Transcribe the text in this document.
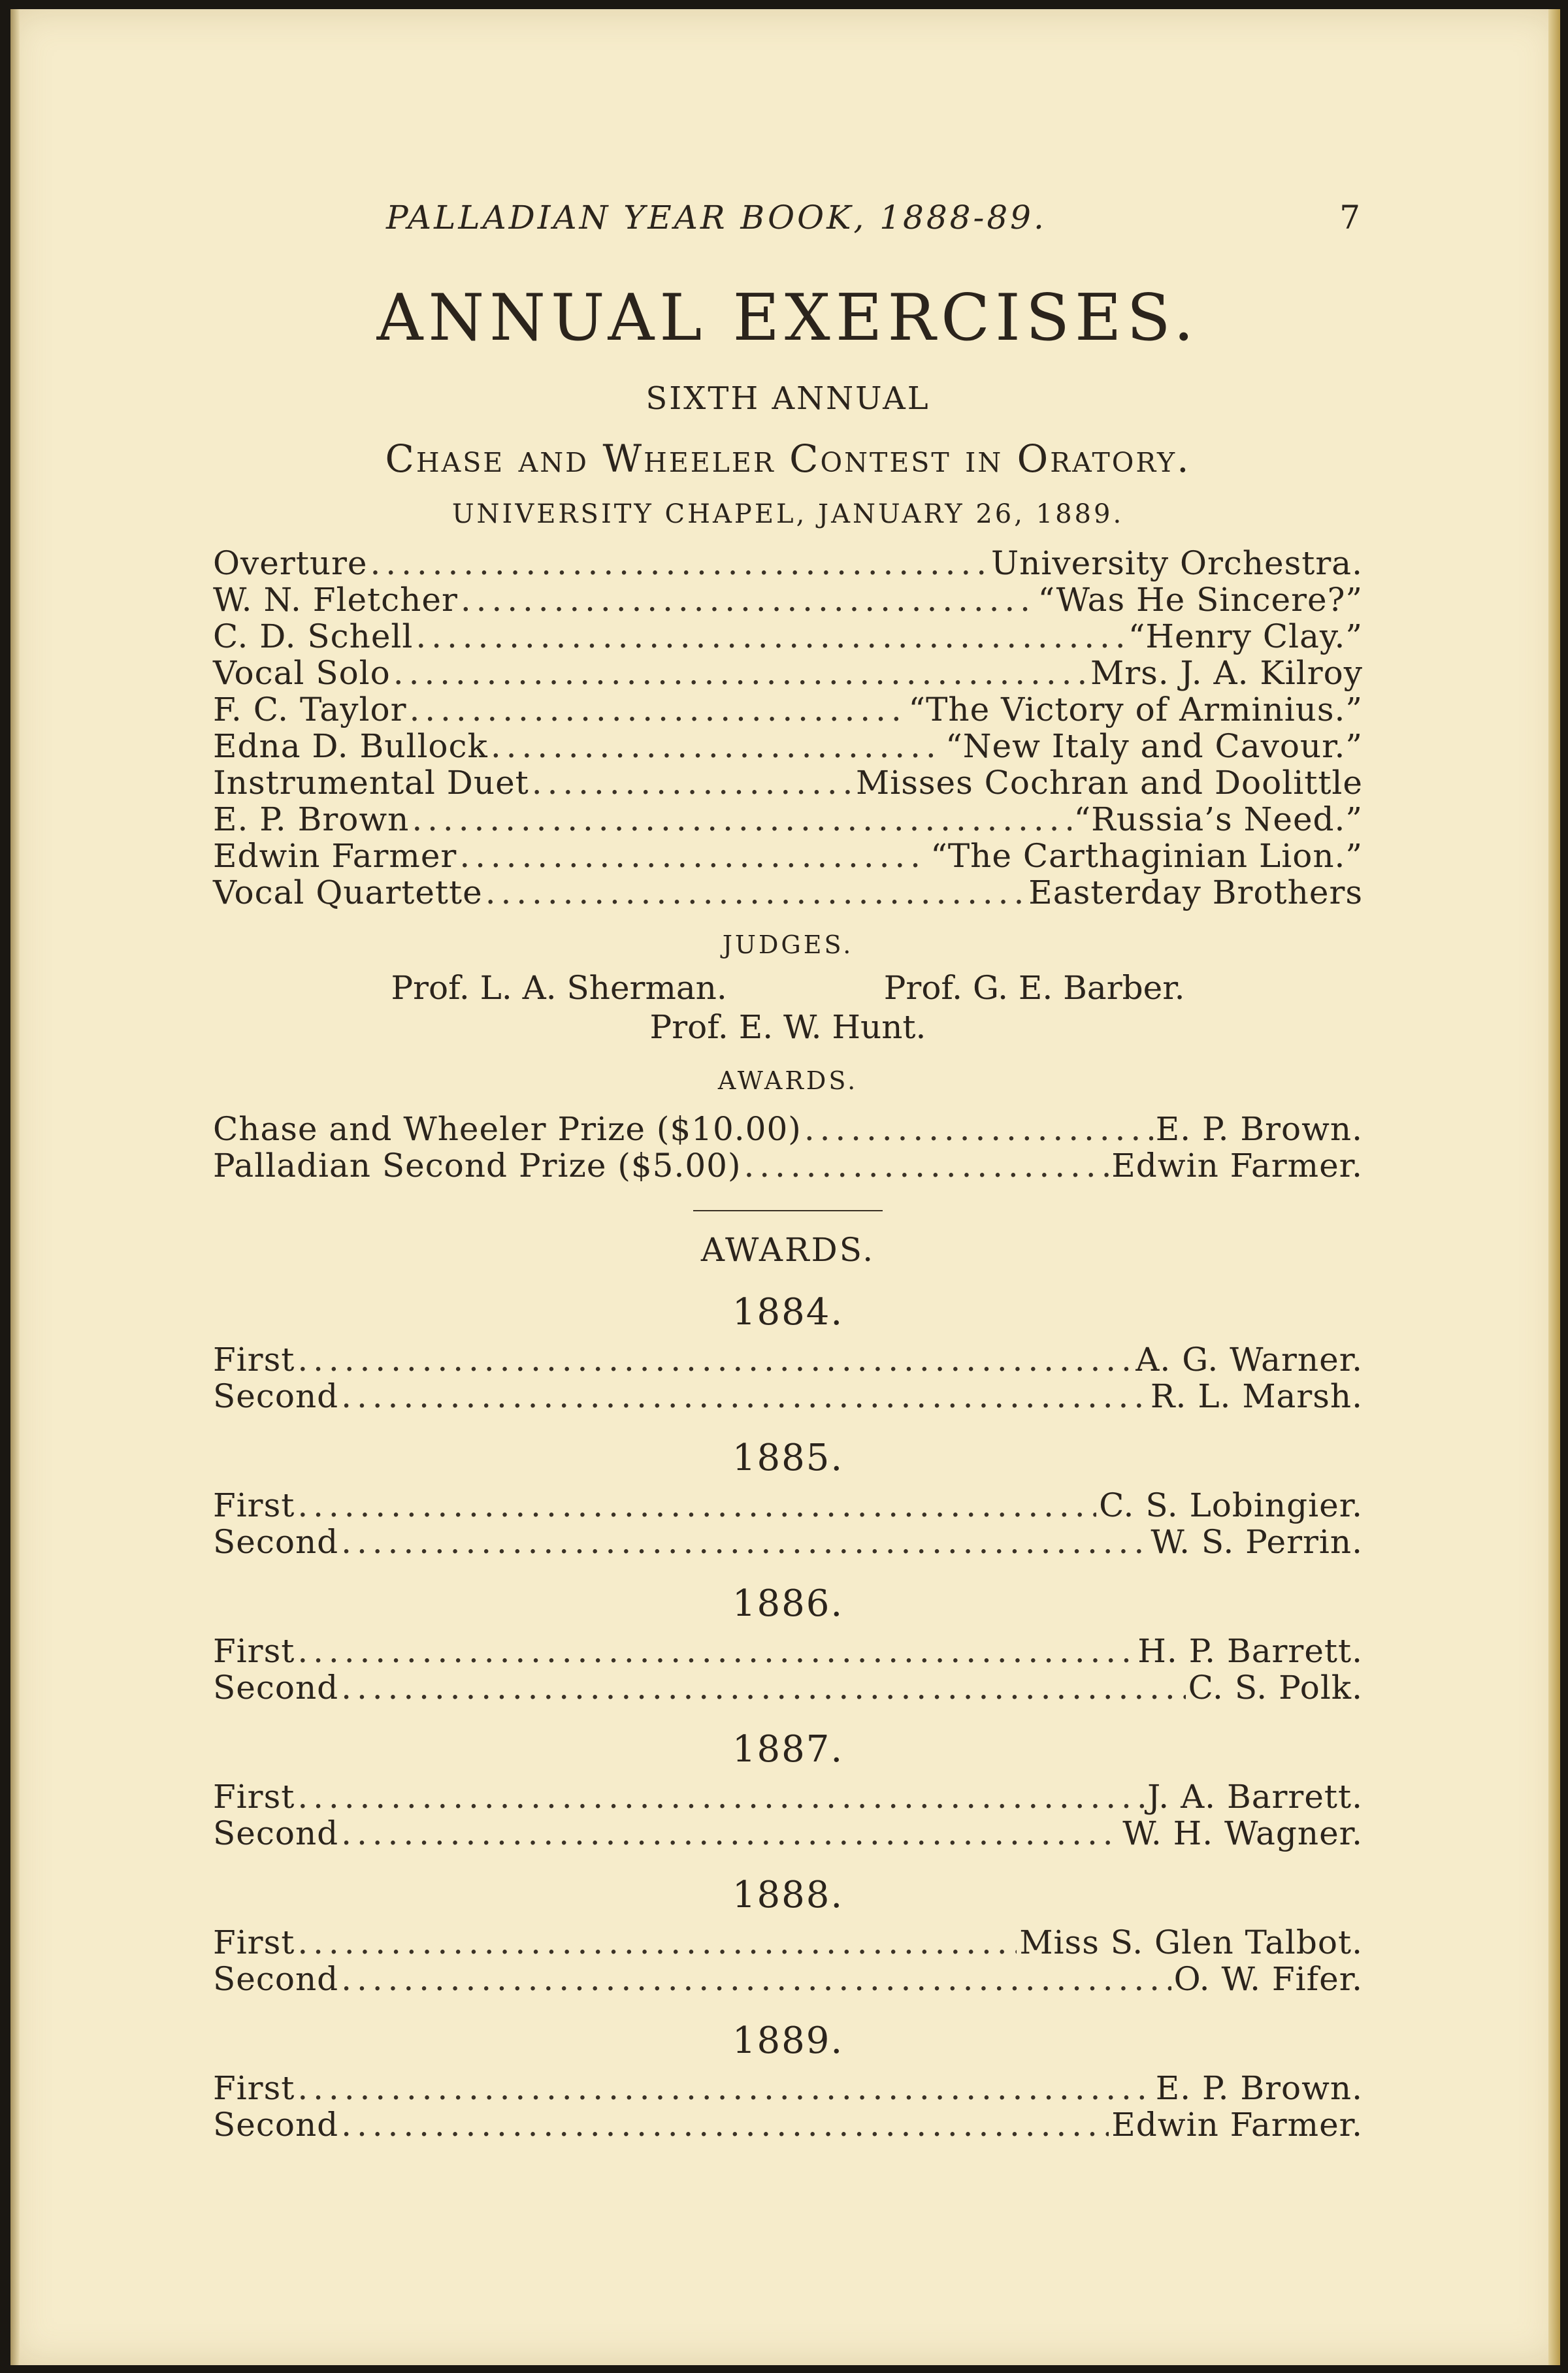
PALLADIAN YEAR BOOK, 1888-89.	7
ANNUAL EXERCISES.
SIXTH ANNUAL
Chase and Wheeler Contest in Oratory.
UNIVERSITY CHAPEL, JANUARY 26, 1889.
Overture . . .	University Orchestra.
W. N. Fletcher . . .	“Was He Sincere?”
C. D. Schell . . .	“Henry Clay.”
Vocal Solo . . .	Mrs. J. A. Kilroy
F. C. Taylor . . .	“The Victory of Arminius.”
Edna D. Bullock . . .	“New Italy and Cavour.”
Instrumental Duet . . .	Misses Cochran and Doolittle
E. P. Brown . . .	“Russia’s Need.”
Edwin Farmer . . .	“The Carthaginian Lion.”
Vocal Quartette . . .	Easterday Brothers
JUDGES.
Prof. L. A. Sherman.	Prof. G. E. Barber.
Prof. E. W. Hunt.
AWARDS.
Chase and Wheeler Prize ($10.00) . . .	E. P. Brown.
Palladian Second Prize ($5.00) . . .	Edwin Farmer.
AWARDS.
1884.
First . . .	A. G. Warner.
Second . . .	R. L. Marsh.
1885.
First . . .	C. S. Lobingier.
Second . . .	W. S. Perrin.
1886.
First . . .	H. P. Barrett.
Second . . .	C. S. Polk.
1887.
First . . .	J. A. Barrett.
Second . . .	W. H. Wagner.
1888.
First . . .	Miss S. Glen Talbot.
Second . . .	O. W. Fifer.
1889.
First . . .	E. P. Brown.
Second . . .	Edwin Farmer.
